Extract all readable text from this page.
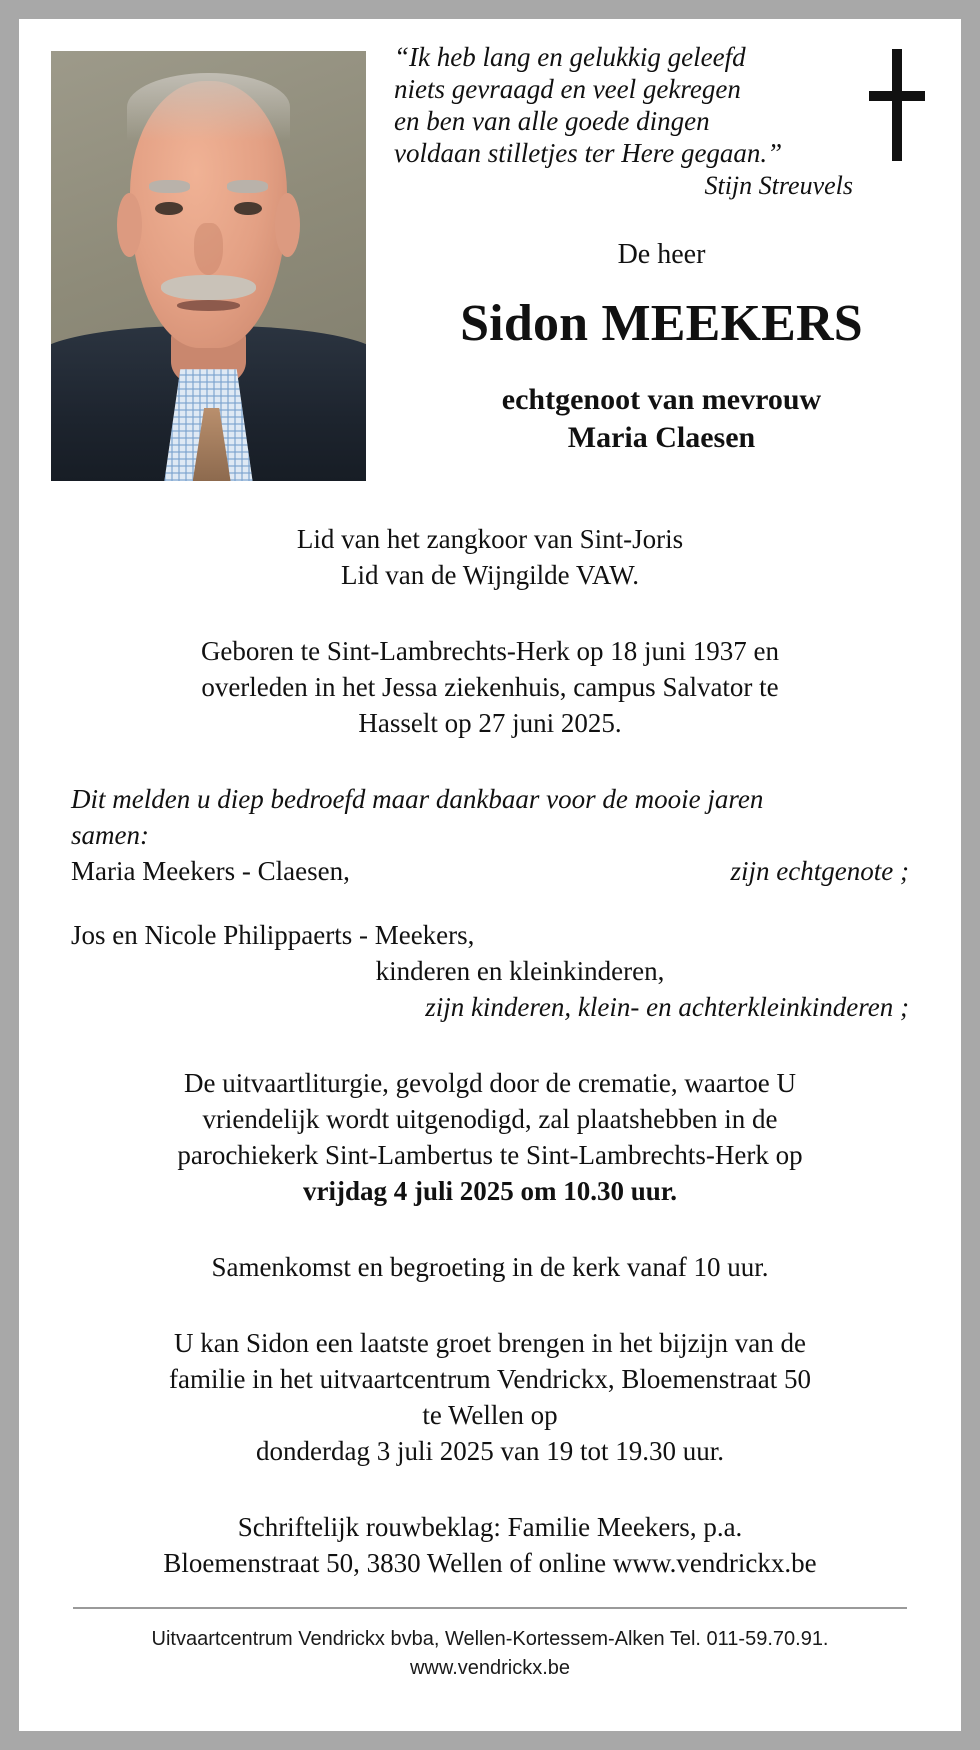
“Ik heb lang en gelukkig geleefd
niets gevraagd en veel gekregen
en ben van alle goede dingen
voldaan stilletjes ter Here gegaan.”
Stijn Streuvels
De heer
Sidon MEEKERS
echtgenoot van mevrouw
Maria Claesen
Lid van het zangkoor van Sint-Joris
Lid van de Wijngilde VAW.
Geboren te Sint-Lambrechts-Herk op 18 juni 1937 en
overleden in het Jessa ziekenhuis, campus Salvator te
Hasselt op 27 juni 2025.
Dit melden u diep bedroefd maar dankbaar voor de mooie jaren
samen:
Maria Meekers - Claesen,	zijn echtgenote ;
Jos en Nicole Philippaerts - Meekers,
kinderen en kleinkinderen,
zijn kinderen, klein- en achterkleinkinderen ;
De uitvaartliturgie, gevolgd door de crematie, waartoe U
vriendelijk wordt uitgenodigd, zal plaatshebben in de
parochiekerk Sint-Lambertus te Sint-Lambrechts-Herk op
vrijdag 4 juli 2025 om 10.30 uur.
Samenkomst en begroeting in de kerk vanaf 10 uur.
U kan Sidon een laatste groet brengen in het bijzijn van de
familie in het uitvaartcentrum Vendrickx, Bloemenstraat 50
te Wellen op
donderdag 3 juli 2025 van 19 tot 19.30 uur.
Schriftelijk rouwbeklag: Familie Meekers, p.a.
Bloemenstraat 50, 3830 Wellen of online www.vendrickx.be
Uitvaartcentrum Vendrickx bvba, Wellen-Kortessem-Alken Tel. 011-59.70.91.
www.vendrickx.be
